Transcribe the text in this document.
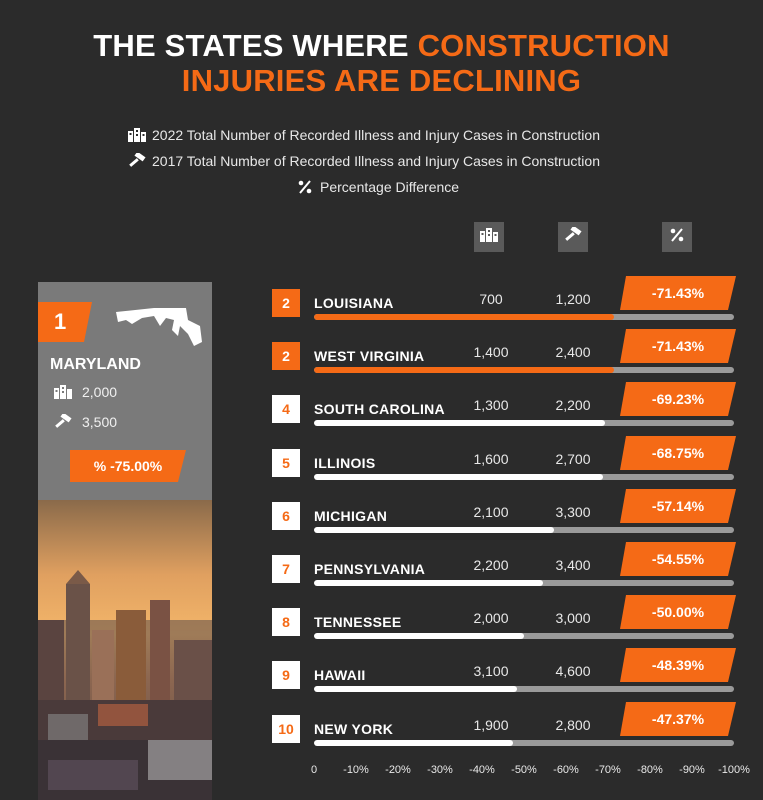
THE STATES WHERE CONSTRUCTION
INJURIES ARE DECLINING
2022 Total Number of Recorded Illness and Injury Cases in Construction
2017 Total Number of Recorded Illness and Injury Cases in Construction
Percentage Difference
1
MARYLAND
2,000
3,500
% -75.00%
2	LOUISIANA	700	1,200	-71.43%
2	WEST VIRGINIA	1,400	2,400	-71.43%
4	SOUTH CAROLINA	1,300	2,200	-69.23%
5	ILLINOIS	1,600	2,700	-68.75%
6	MICHIGAN	2,100	3,300	-57.14%
7	PENNSYLVANIA	2,200	3,400	-54.55%
8	TENNESSEE	2,000	3,000	-50.00%
9	HAWAII	3,100	4,600	-48.39%
10	NEW YORK	1,900	2,800	-47.37%
0 -10% -20% -30% -40% -50% -60% -70% -80% -90% -100%
